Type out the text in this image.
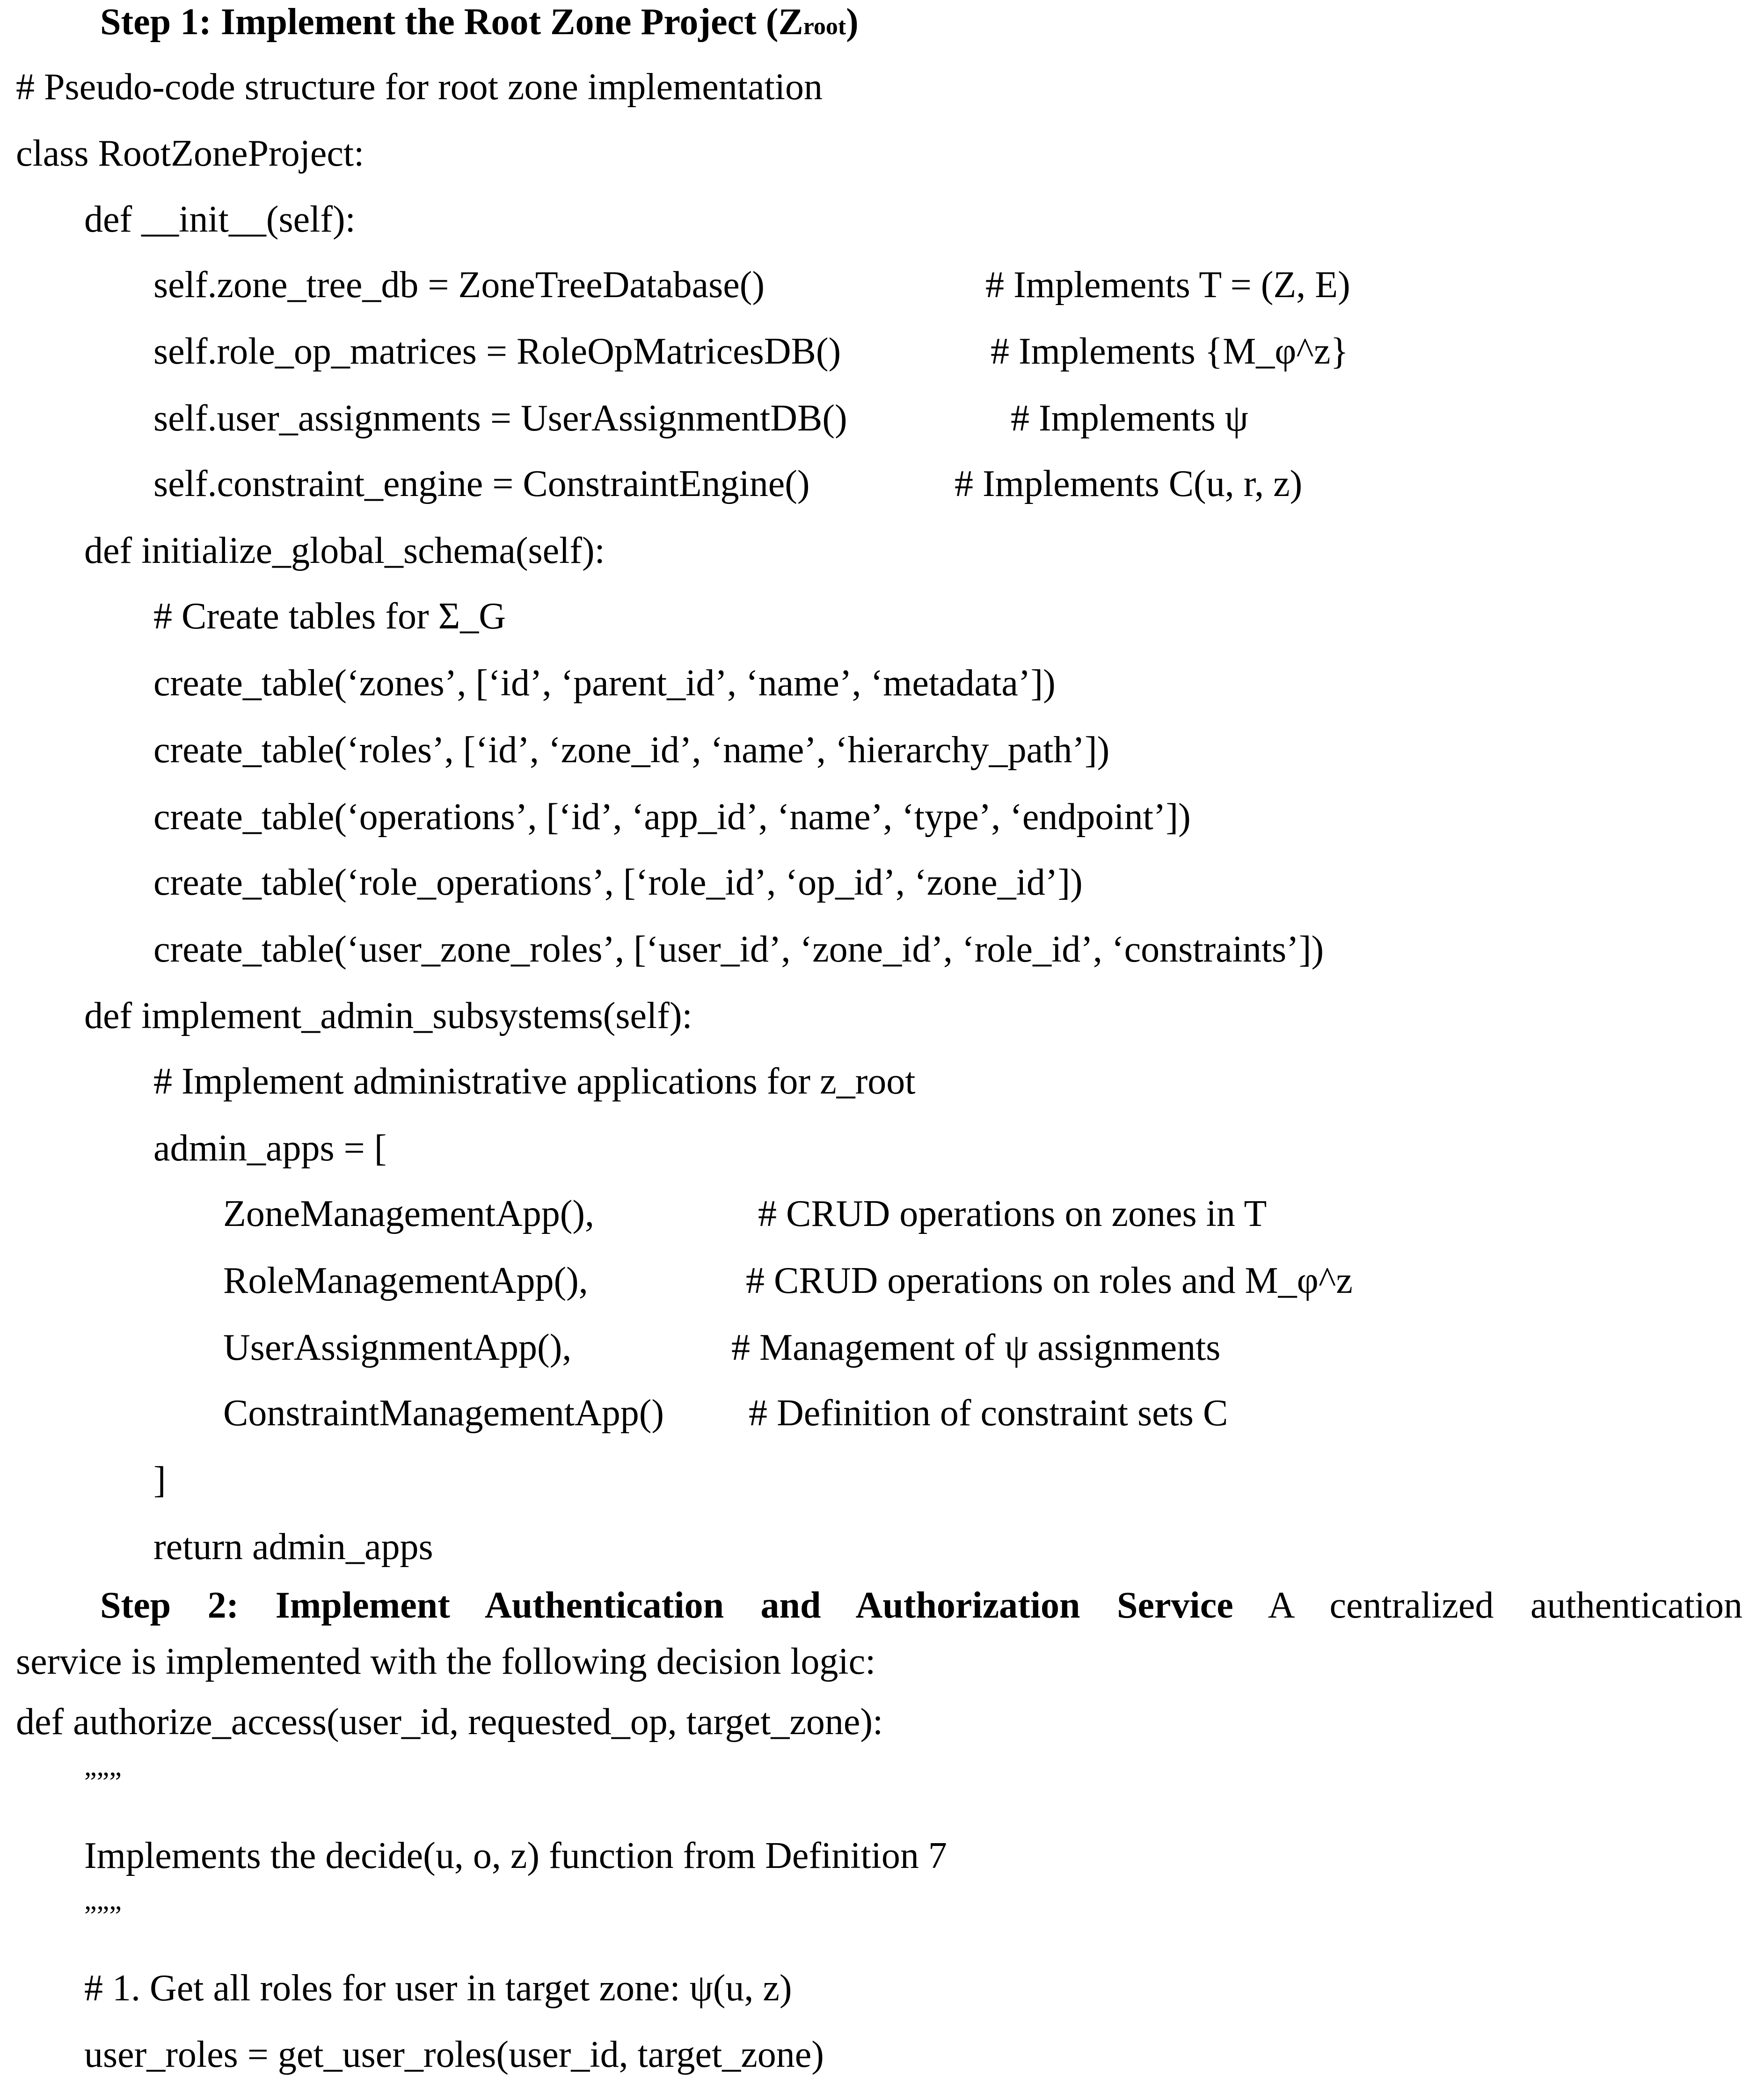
Step 1: Implement the Root Zone Project (Zroot)
# Pseudo-code structure for root zone implementation
class RootZoneProject:
def __init__(self):
self.zone_tree_db = ZoneTreeDatabase()	# Implements T = (Z, E)
self.role_op_matrices = RoleOpMatricesDB()	# Implements {M_φ^z}
self.user_assignments = UserAssignmentDB()	# Implements ψ
self.constraint_engine = ConstraintEngine()	# Implements C(u, r, z)
def initialize_global_schema(self):
# Create tables for Σ_G
create_table(‘zones’, [‘id’, ‘parent_id’, ‘name’, ‘metadata’])
create_table(‘roles’, [‘id’, ‘zone_id’, ‘name’, ‘hierarchy_path’])
create_table(‘operations’, [‘id’, ‘app_id’, ‘name’, ‘type’, ‘endpoint’])
create_table(‘role_operations’, [‘role_id’, ‘op_id’, ‘zone_id’])
create_table(‘user_zone_roles’, [‘user_id’, ‘zone_id’, ‘role_id’, ‘constraints’])
def implement_admin_subsystems(self):
# Implement administrative applications for z_root
admin_apps = [
ZoneManagementApp(),	# CRUD operations on zones in T
RoleManagementApp(),	# CRUD operations on roles and M_φ^z
UserAssignmentApp(),	# Management of ψ assignments
ConstraintManagementApp() # Definition of constraint sets C
]
return admin_apps
Step 2: Implement Authentication and Authorization Service A centralized authentication
service is implemented with the following decision logic:
def authorize_access(user_id, requested_op, target_zone):
”””
Implements the decide(u, o, z) function from Definition 7
”””
# 1. Get all roles for user in target zone: ψ(u, z)
user_roles = get_user_roles(user_id, target_zone)
